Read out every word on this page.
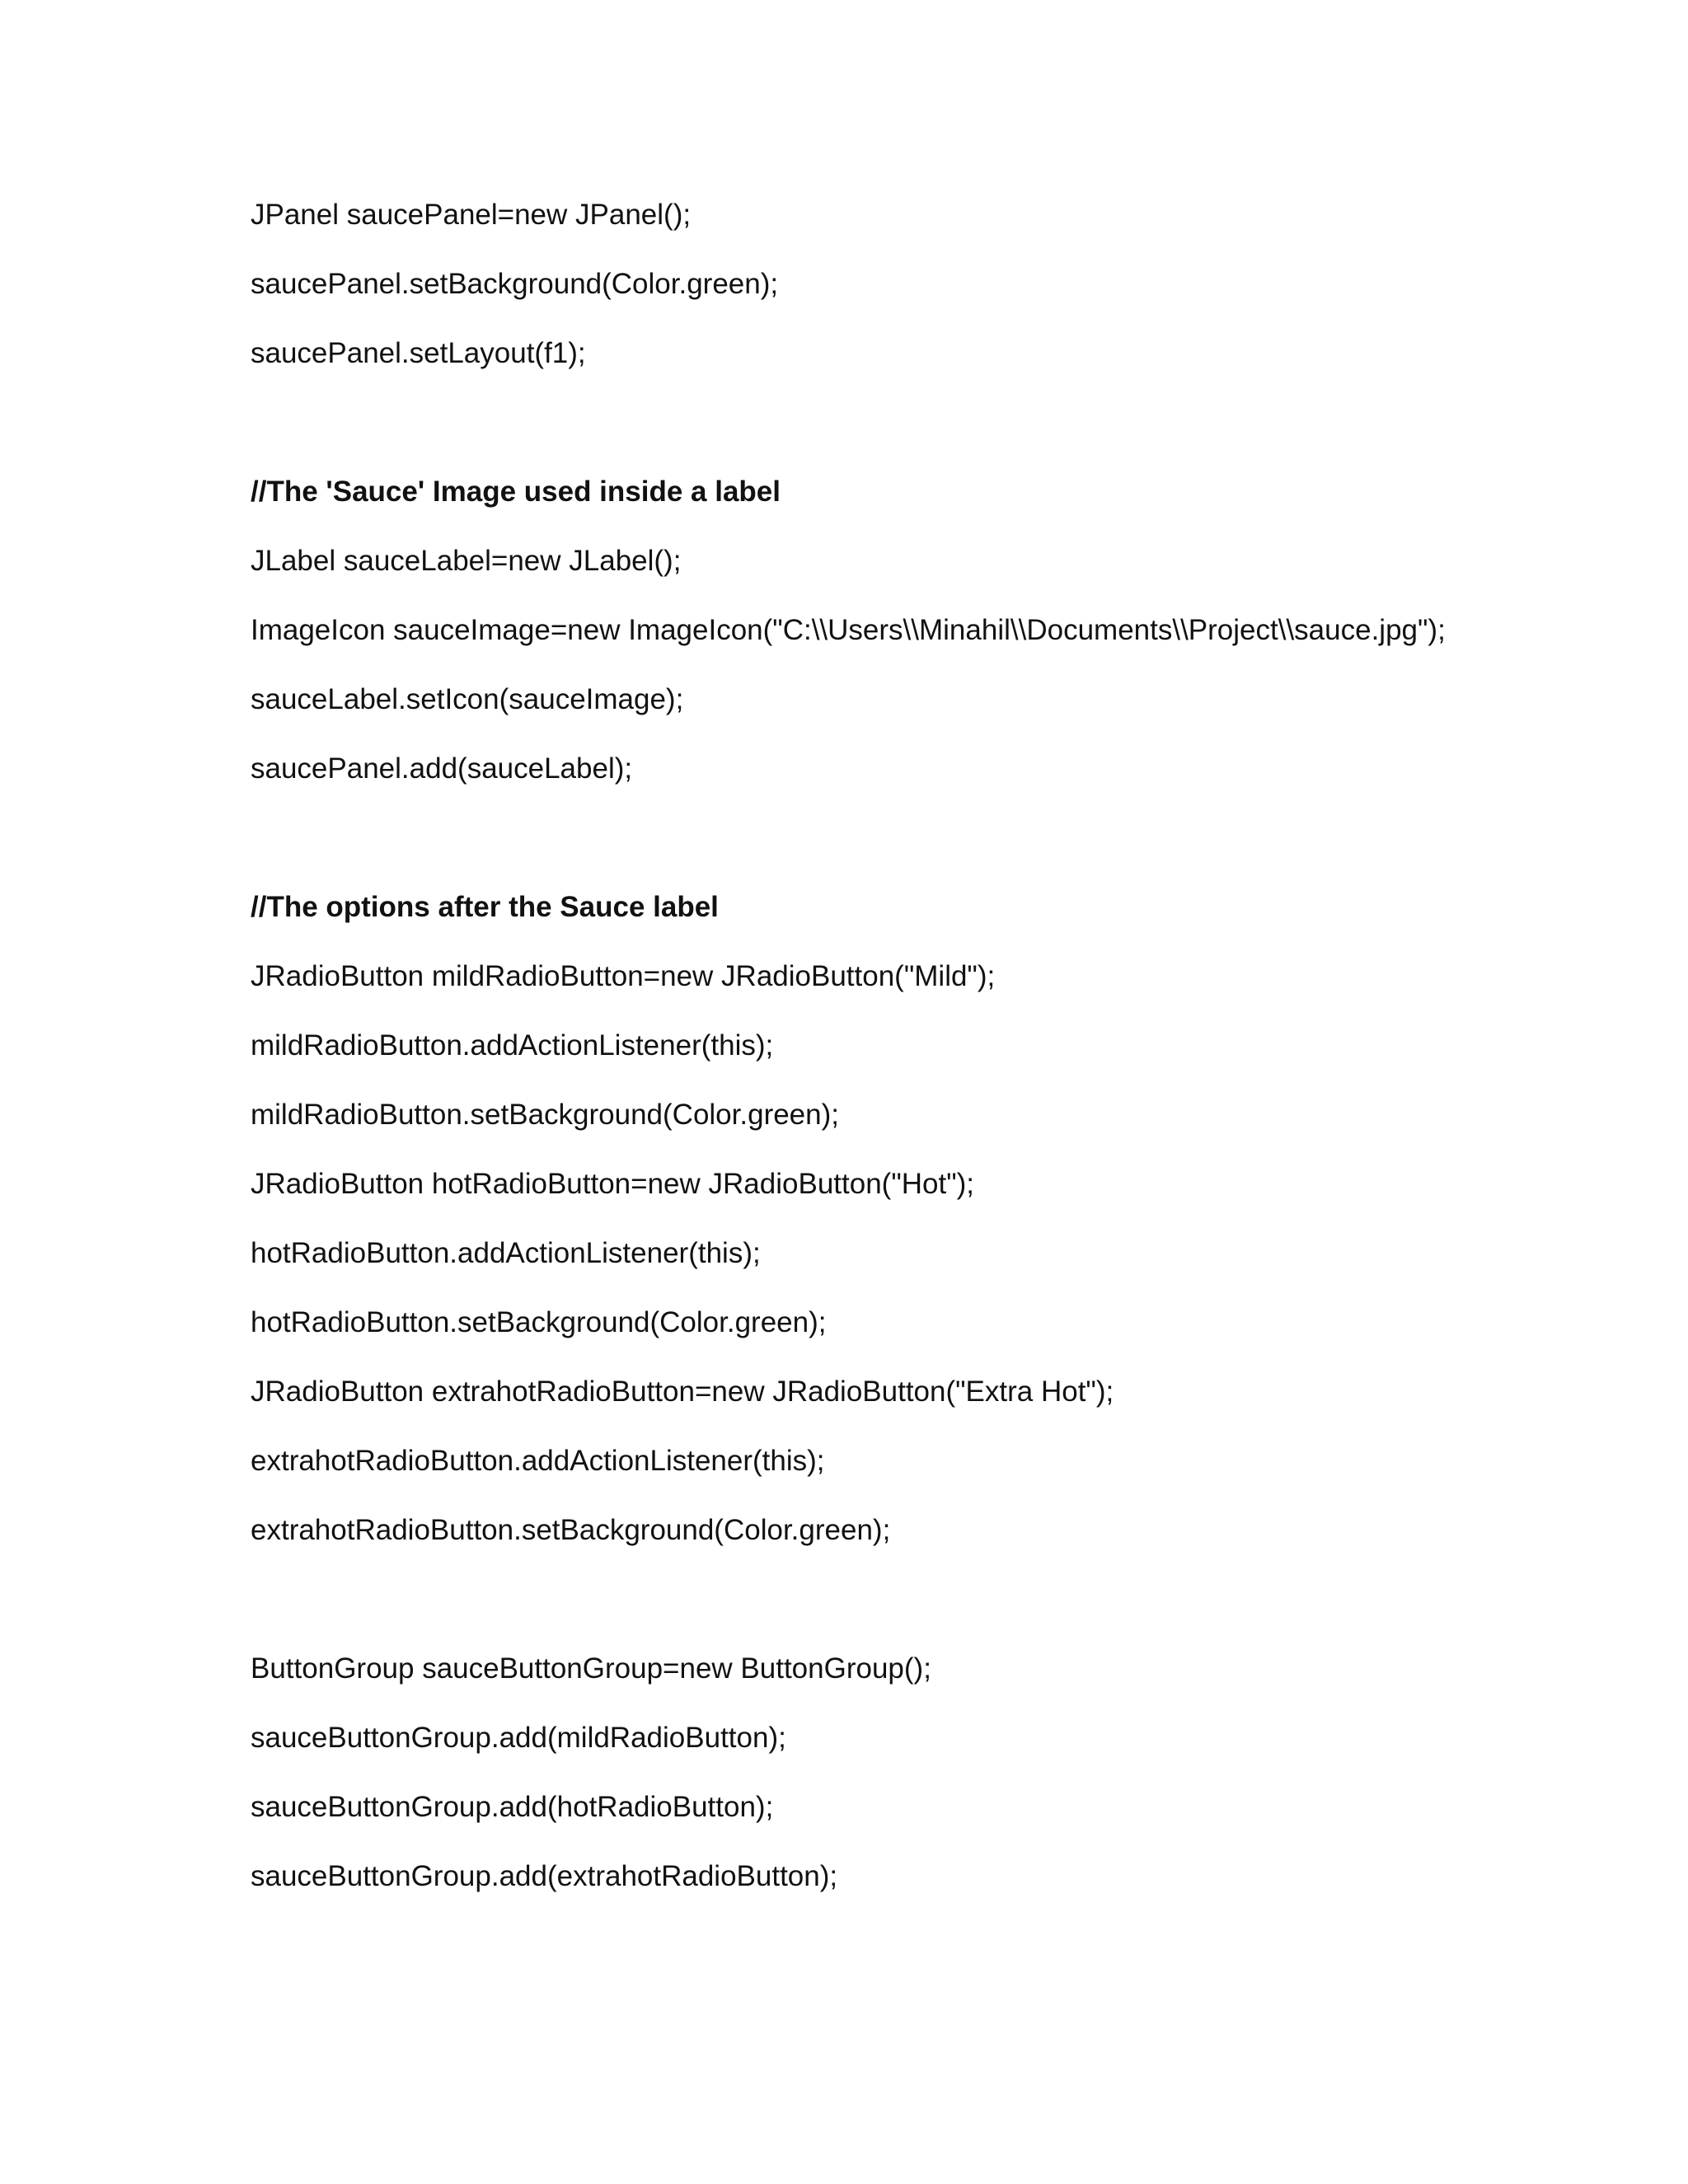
JPanel saucePanel=new JPanel();
saucePanel.setBackground(Color.green);
saucePanel.setLayout(f1);
//The 'Sauce' Image used inside a label
JLabel sauceLabel=new JLabel();
ImageIcon sauceImage=new ImageIcon("C:\\Users\\Minahil\\Documents\\Project\\sauce.jpg");
sauceLabel.setIcon(sauceImage);
saucePanel.add(sauceLabel);
//The options after the Sauce label
JRadioButton mildRadioButton=new JRadioButton("Mild");
mildRadioButton.addActionListener(this);
mildRadioButton.setBackground(Color.green);
JRadioButton hotRadioButton=new JRadioButton("Hot");
hotRadioButton.addActionListener(this);
hotRadioButton.setBackground(Color.green);
JRadioButton extrahotRadioButton=new JRadioButton("Extra Hot");
extrahotRadioButton.addActionListener(this);
extrahotRadioButton.setBackground(Color.green);
ButtonGroup sauceButtonGroup=new ButtonGroup();
sauceButtonGroup.add(mildRadioButton);
sauceButtonGroup.add(hotRadioButton);
sauceButtonGroup.add(extrahotRadioButton);
